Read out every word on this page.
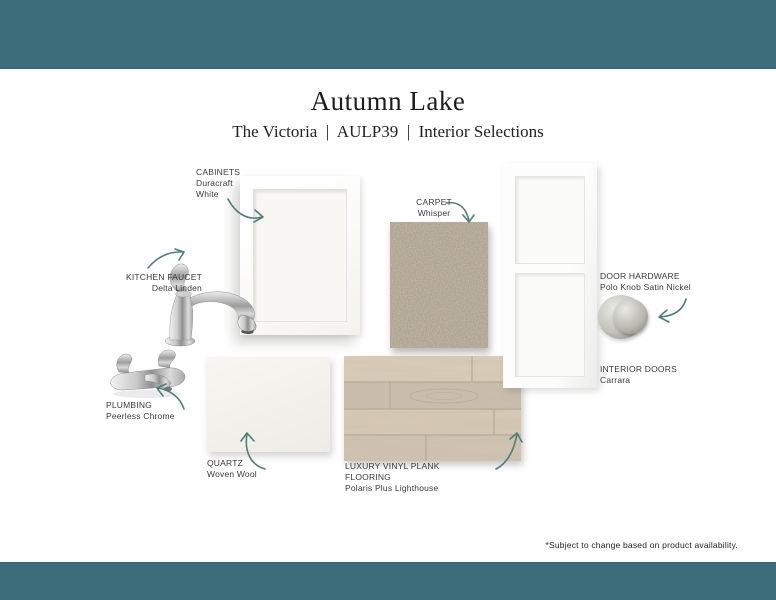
Autumn Lake
The Victoria  |  AULP39  |  Interior Selections
CABINETS
Duracraft White
KITCHEN FAUCET
Delta Linden
CARPET
Whisper
DOOR HARDWARE
Polo Knob Satin Nickel
INTERIOR DOORS
Carrara
PLUMBING
Peerless Chrome
QUARTZ
Woven Wool
LUXURY VINYL PLANK FLOORING
Polaris Plus Lighthouse
*Subject to change based on product availability.
